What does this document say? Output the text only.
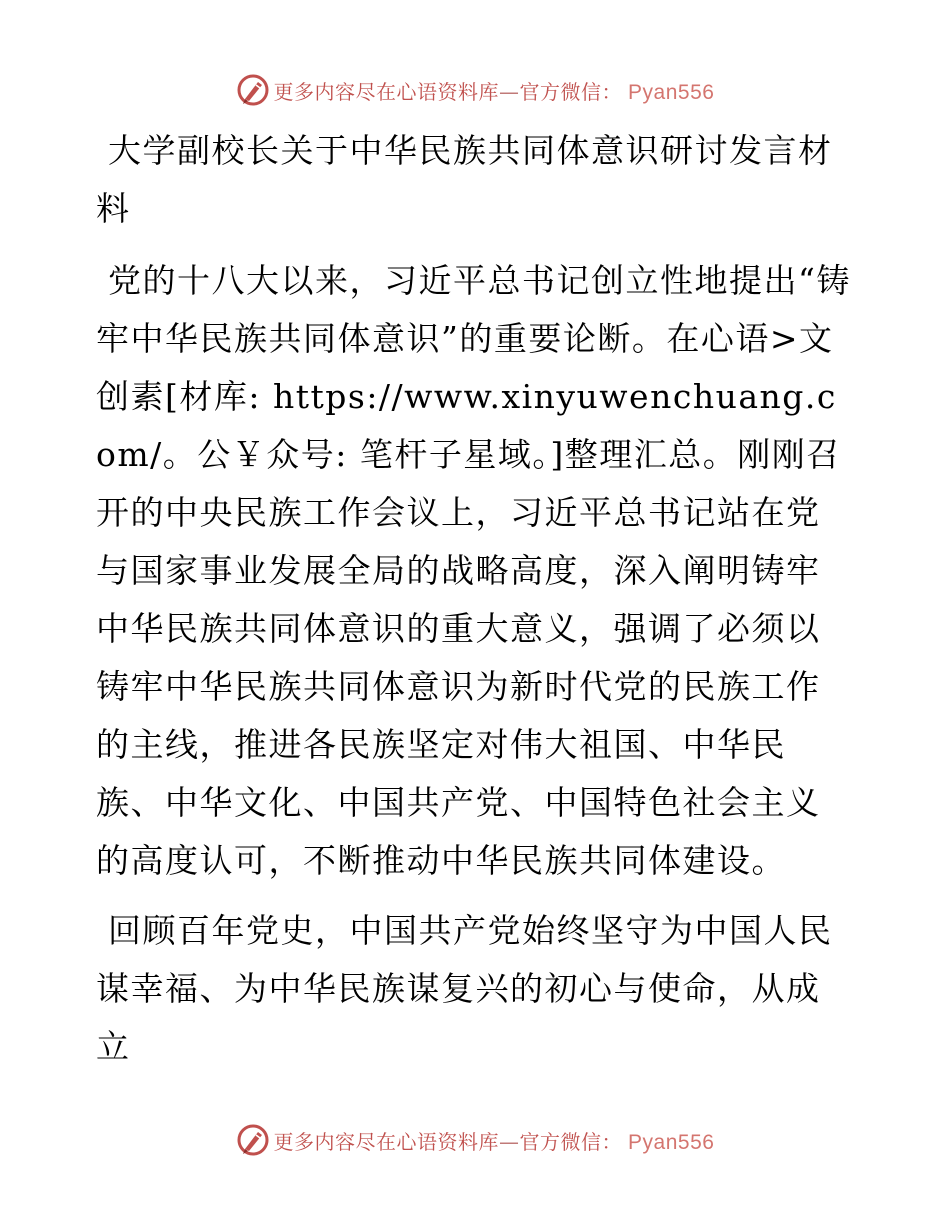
更多内容尽在心语资料库—官方微信： Pyan556

大学副校长关于中华民族共同体意识研讨发言材料

党的十八大以来，习近平总书记创立性地提出“铸牢中华民族共同体意识”的重要论断。在心语>文创素[材库: https://www.xinyuwenchuang.com/。公￥众号: 笔杆子星域。]整理汇总。刚刚召开的中央民族工作会议上，习近平总书记站在党与国家事业发展全局的战略高度，深入阐明铸牢中华民族共同体意识的重大意义，强调了必须以铸牢中华民族共同体意识为新时代党的民族工作的主线，推进各民族坚定对伟大祖国、中华民族、中华文化、中国共产党、中国特色社会主义的高度认可，不断推动中华民族共同体建设。

回顾百年党史，中国共产党始终坚守为中国人民谋幸福、为中华民族谋复兴的初心与使命，从成立

更多内容尽在心语资料库—官方微信： Pyan556
